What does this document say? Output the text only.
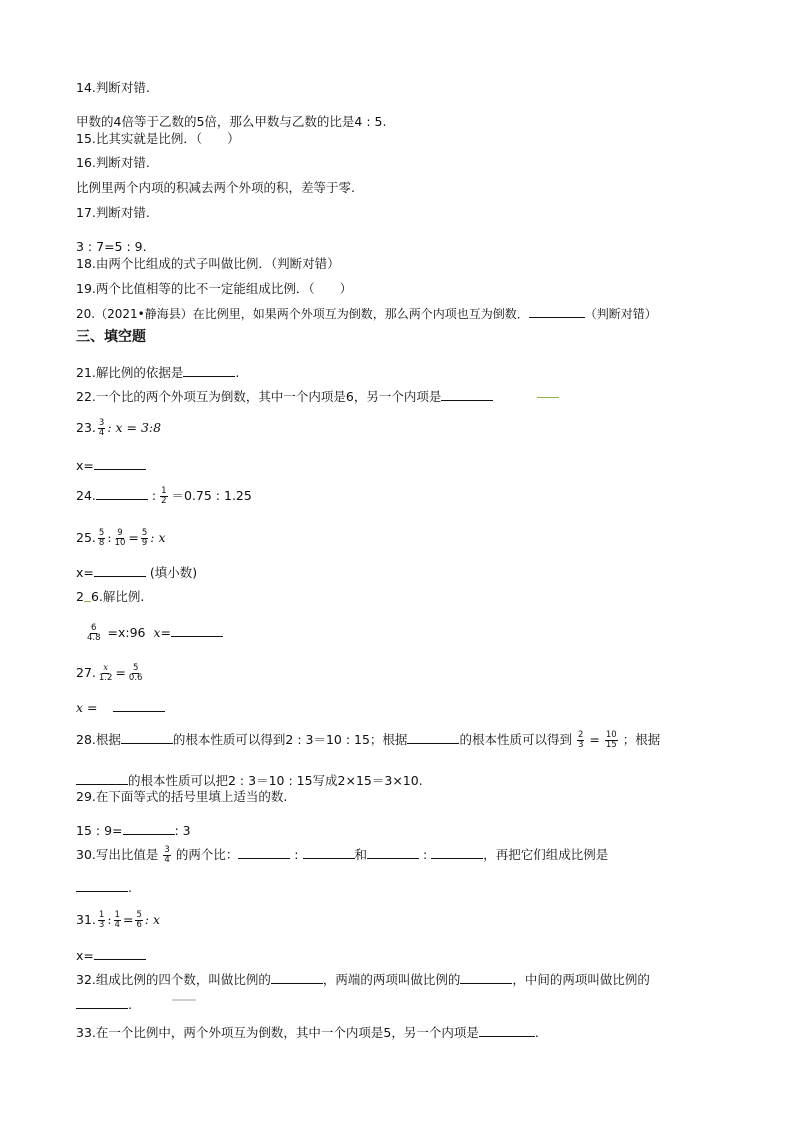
14.判断对错.
甲数的4倍等于乙数的5倍，那么甲数与乙数的比是4 : 5.
15.比其实就是比例．（　　）
16.判断对错.
比例里两个内项的积减去两个外项的积，差等于零.
17.判断对错.
3 : 7=5 : 9.
18.由两个比组成的式子叫做比例．（判断对错）
19.两个比值相等的比不一定能组成比例．（　　）
20.（2021•静海县）在比例里，如果两个外项互为倒数，那么两个内项也互为倒数．	（判断对错）
三、填空题
21.解比例的依据是	.
22.一个比的两个外项互为倒数，其中一个内项是6，另一个内项是
23. $\frac{3}{4}$ : x = 3:8
x=
24.	: $\frac{1}{2} =0.75$ : 1.25
25. $\frac{5}{8}$ : $\frac{9}{10} = \frac{5}{9}$ : x
x=	(填小数)
2 6.解比例.
$\frac{6}{4.8}$ =x:96 x=
27. $\frac{x}{1.2} = \frac{5}{0.6}$
x =
28.根据	的根本性质可以得到2 : 3＝10 : 15；根据	的根本性质可以得到 $\frac{2}{3} = \frac{10}{15}$ ；根据
的根本性质可以把2 : 3＝10 : 15写成2×15＝3×10.
29.在下面等式的括号里填上适当的数.
15 : 9=	: 3
30.写出比值是 $\frac{3}{4}$ 的两个比：	:	和	:	，再把它们组成比例是
.
31. $\frac{1}{3}$ : $\frac{1}{4} = \frac{5}{6}$ : x
x=
32.组成比例的四个数，叫做比例的	，两端的两项叫做比例的	，中间的两项叫做比例的
.
33.在一个比例中，两个外项互为倒数，其中一个内项是5，另一个内项是	.
